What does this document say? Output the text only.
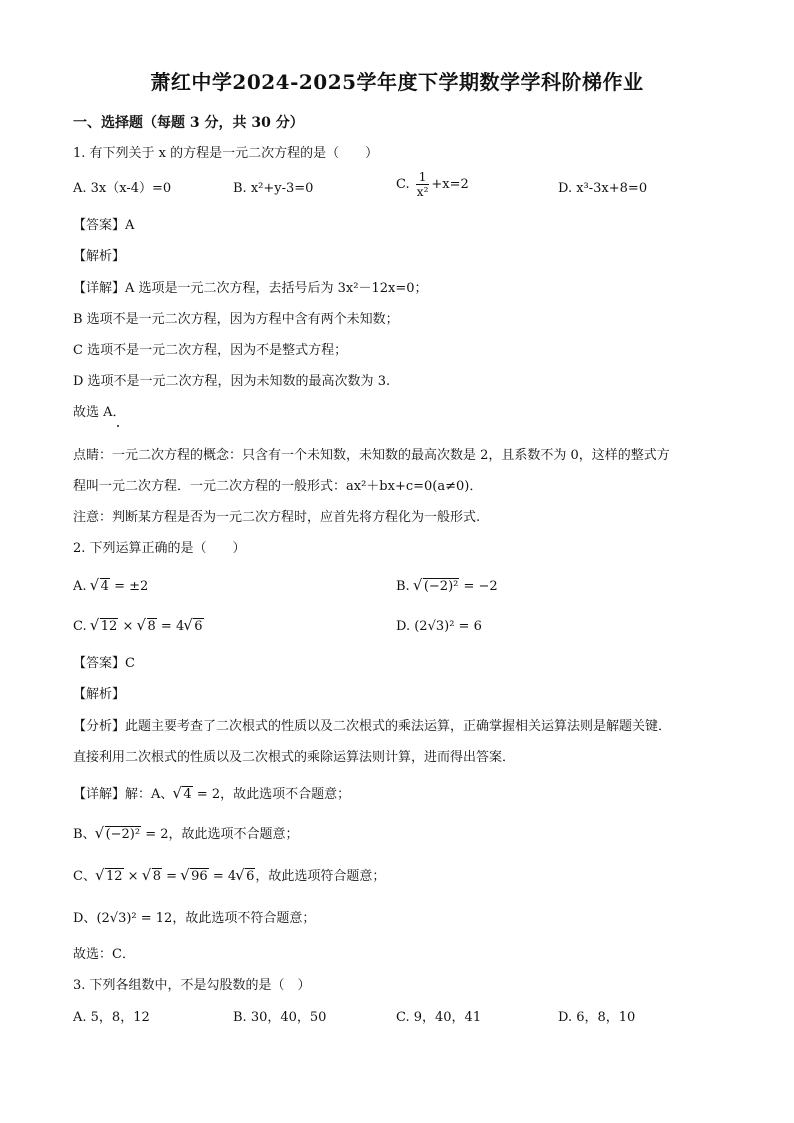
萧红中学2024-2025学年度下学期数学学科阶梯作业
一、选择题（每题 3 分，共 30 分）
1. 有下列关于 x 的方程是一元二次方程的是（　　）
A. 3x（x-4）=0	B. x²+y-3=0	C. $\frac{1}{\text{x²}} +x=2$	D. x³-3x+8=0
【答案】A
【解析】
【详解】A 选项是一元二次方程，去括号后为 3x²－12x=0；
B 选项不是一元二次方程，因为方程中含有两个未知数；
C 选项不是一元二次方程，因为不是整式方程；
D 选项不是一元二次方程，因为未知数的最高次数为 3.
故选 A．
点睛：一元二次方程的概念：只含有一个未知数，未知数的最高次数是 2，且系数不为 0，这样的整式方
程叫一元二次方程．一元二次方程的一般形式：ax²＋bx+c=0(a≠0)．
注意：判断某方程是否为一元二次方程时，应首先将方程化为一般形式.
2. 下列运算正确的是（　　）
A. √ 4 = ±2	B. √ (−2)² = −2
C. √ 12 × √ 8 = 4 √ 6	D. (2√3)² = 6
【答案】C
【解析】
【分析】此题主要考查了二次根式的性质以及二次根式的乘法运算，正确掌握相关运算法则是解题关键．
直接利用二次根式的性质以及二次根式的乘除运算法则计算，进而得出答案．
【详解】解：A、 √ 4 = 2，故此选项不合题意；
B、 √ (−2)² = 2，故此选项不合题意；
C、 √ 12 × √ 8 = √ 96 = 4 √ 6，故此选项符合题意；
D、(2√3)² = 12，故此选项不符合题意；
故选：C．
3. 下列各组数中，不是勾股数的是（　）
A. 5，8，12	B. 30，40，50	C. 9，40，41	D. 6，8，10
